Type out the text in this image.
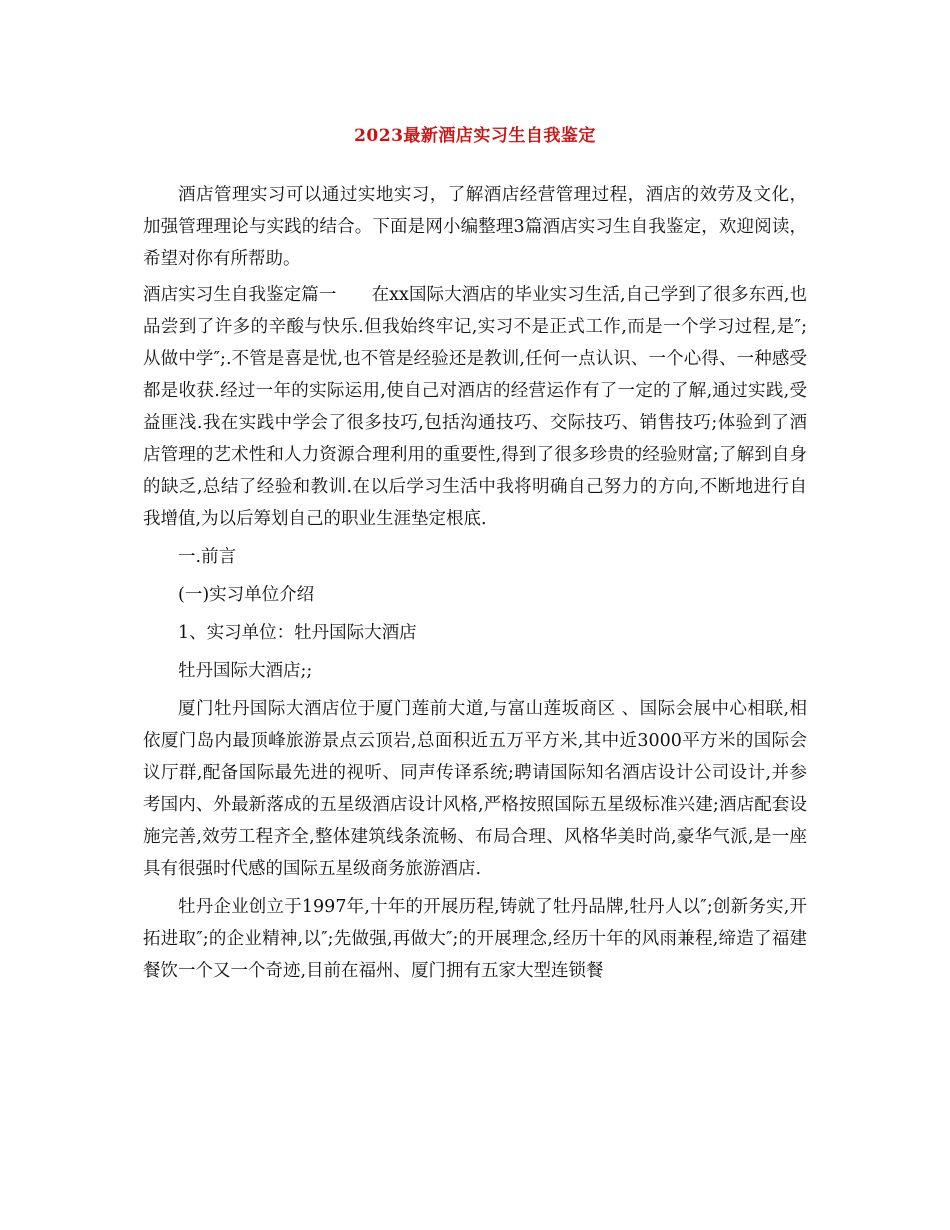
2023最新酒店实习生自我鉴定

酒店管理实习可以通过实地实习，了解酒店经营管理过程，酒店的效劳及文化，加强管理理论与实践的结合。下面是网小编整理3篇酒店实习生自我鉴定，欢迎阅读，希望对你有所帮助。

酒店实习生自我鉴定篇一　　在xx国际大酒店的毕业实习生活,自己学到了很多东西,也品尝到了许多的辛酸与快乐.但我始终牢记,实习不是正式工作,而是一个学习过程,是″;从做中学″;.不管是喜是忧,也不管是经验还是教训,任何一点认识、一个心得、一种感受都是收获.经过一年的实际运用,使自己对酒店的经营运作有了一定的了解,通过实践,受益匪浅.我在实践中学会了很多技巧,包括沟通技巧、交际技巧、销售技巧;体验到了酒店管理的艺术性和人力资源合理利用的重要性,得到了很多珍贵的经验财富;了解到自身的缺乏,总结了经验和教训.在以后学习生活中我将明确自己努力的方向,不断地进行自我增值,为以后筹划自己的职业生涯垫定根底.

一.前言

(一)实习单位介绍

1、实习单位：牡丹国际大酒店

牡丹国际大酒店;;

厦门牡丹国际大酒店位于厦门莲前大道,与富山莲坂商区 、国际会展中心相联,相依厦门岛内最顶峰旅游景点云顶岩,总面积近五万平方米,其中近3000平方米的国际会议厅群,配备国际最先进的视听、同声传译系统;聘请国际知名酒店设计公司设计,并参考国内、外最新落成的五星级酒店设计风格,严格按照国际五星级标准兴建;酒店配套设施完善,效劳工程齐全,整体建筑线条流畅、布局合理、风格华美时尚,豪华气派,是一座具有很强时代感的国际五星级商务旅游酒店.

牡丹企业创立于1997年,十年的开展历程,铸就了牡丹品牌,牡丹人以″;创新务实,开拓进取″;的企业精神,以″;先做强,再做大″;的开展理念,经历十年的风雨兼程,缔造了福建餐饮一个又一个奇迹,目前在福州、厦门拥有五家大型连锁餐
